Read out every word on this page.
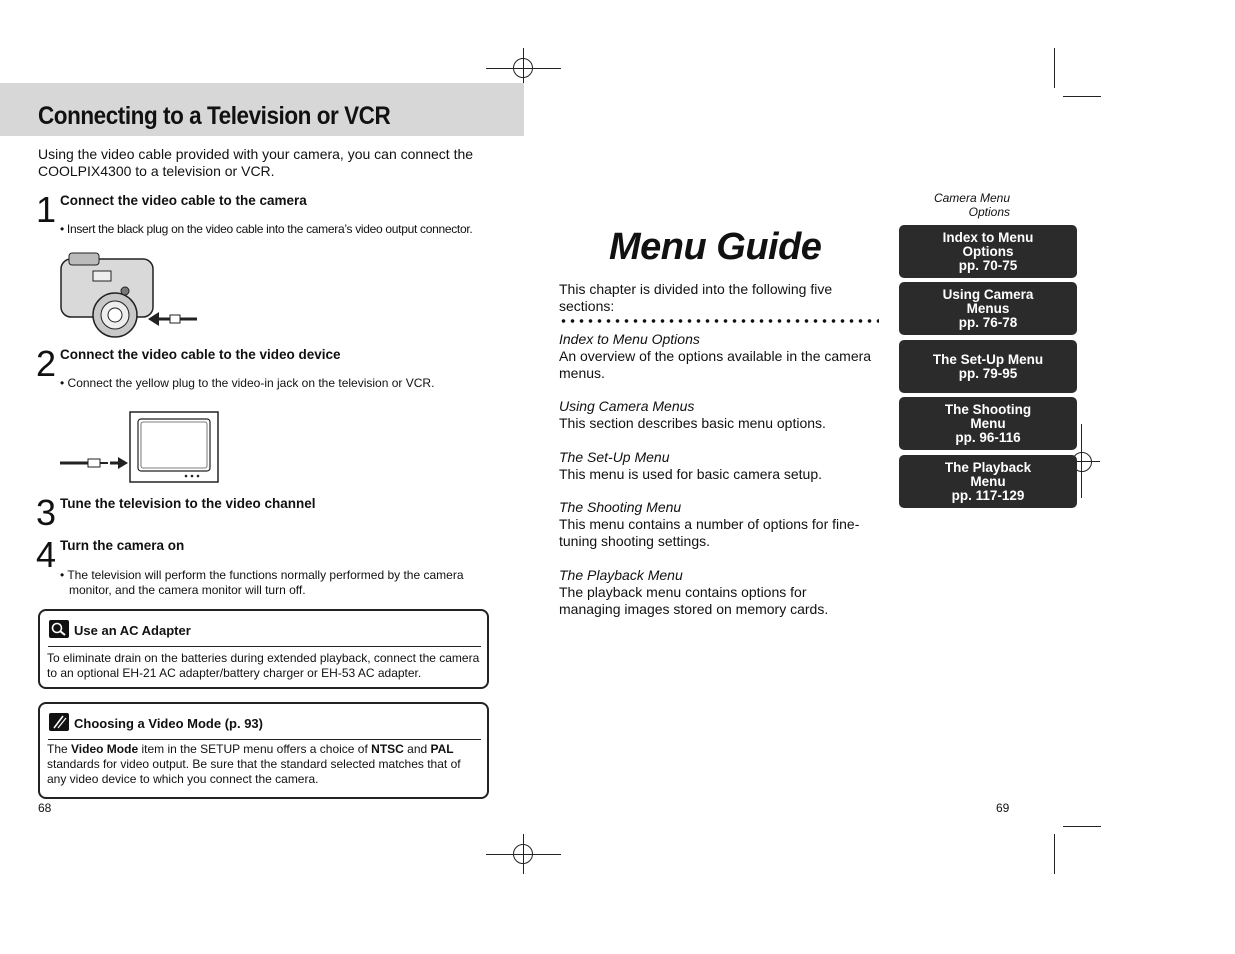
Connecting to a Television or VCR
Using the video cable provided with your camera, you can connect the COOLPIX4300 to a television or VCR.
1 Connect the video cable to the camera
• Insert the black plug on the video cable into the camera’s video output connector.
2 Connect the video cable to the video device
• Connect the yellow plug to the video-in jack on the television or VCR.
3 Tune the television to the video channel
4 Turn the camera on
• The television will perform the functions normally performed by the camera
monitor, and the camera monitor will turn off.
Use an AC Adapter
To eliminate drain on the batteries during extended playback, connect the camera to an optional EH-21 AC adapter/battery charger or EH-53 AC adapter.
Choosing a Video Mode (p. 93)
The Video Mode item in the SETUP menu offers a choice of NTSC and PAL standards for video output. Be sure that the standard selected matches that of any video device to which you connect the camera.
68
Menu Guide
This chapter is divided into the following five sections:
Index to Menu Options
An overview of the options available in the camera menus.
Using Camera Menus
This section describes basic menu options.
The Set-Up Menu
This menu is used for basic camera setup.
The Shooting Menu
This menu contains a number of options for fine-tuning shooting settings.
The Playback Menu
The playback menu contains options for managing images stored on memory cards.
Camera Menu
Options
Index to Menu
Options
pp. 70-75
Using Camera
Menus
pp. 76-78
The Set-Up Menu
pp. 79-95
The Shooting
Menu
pp. 96-116
The Playback
Menu
pp. 117-129
69
